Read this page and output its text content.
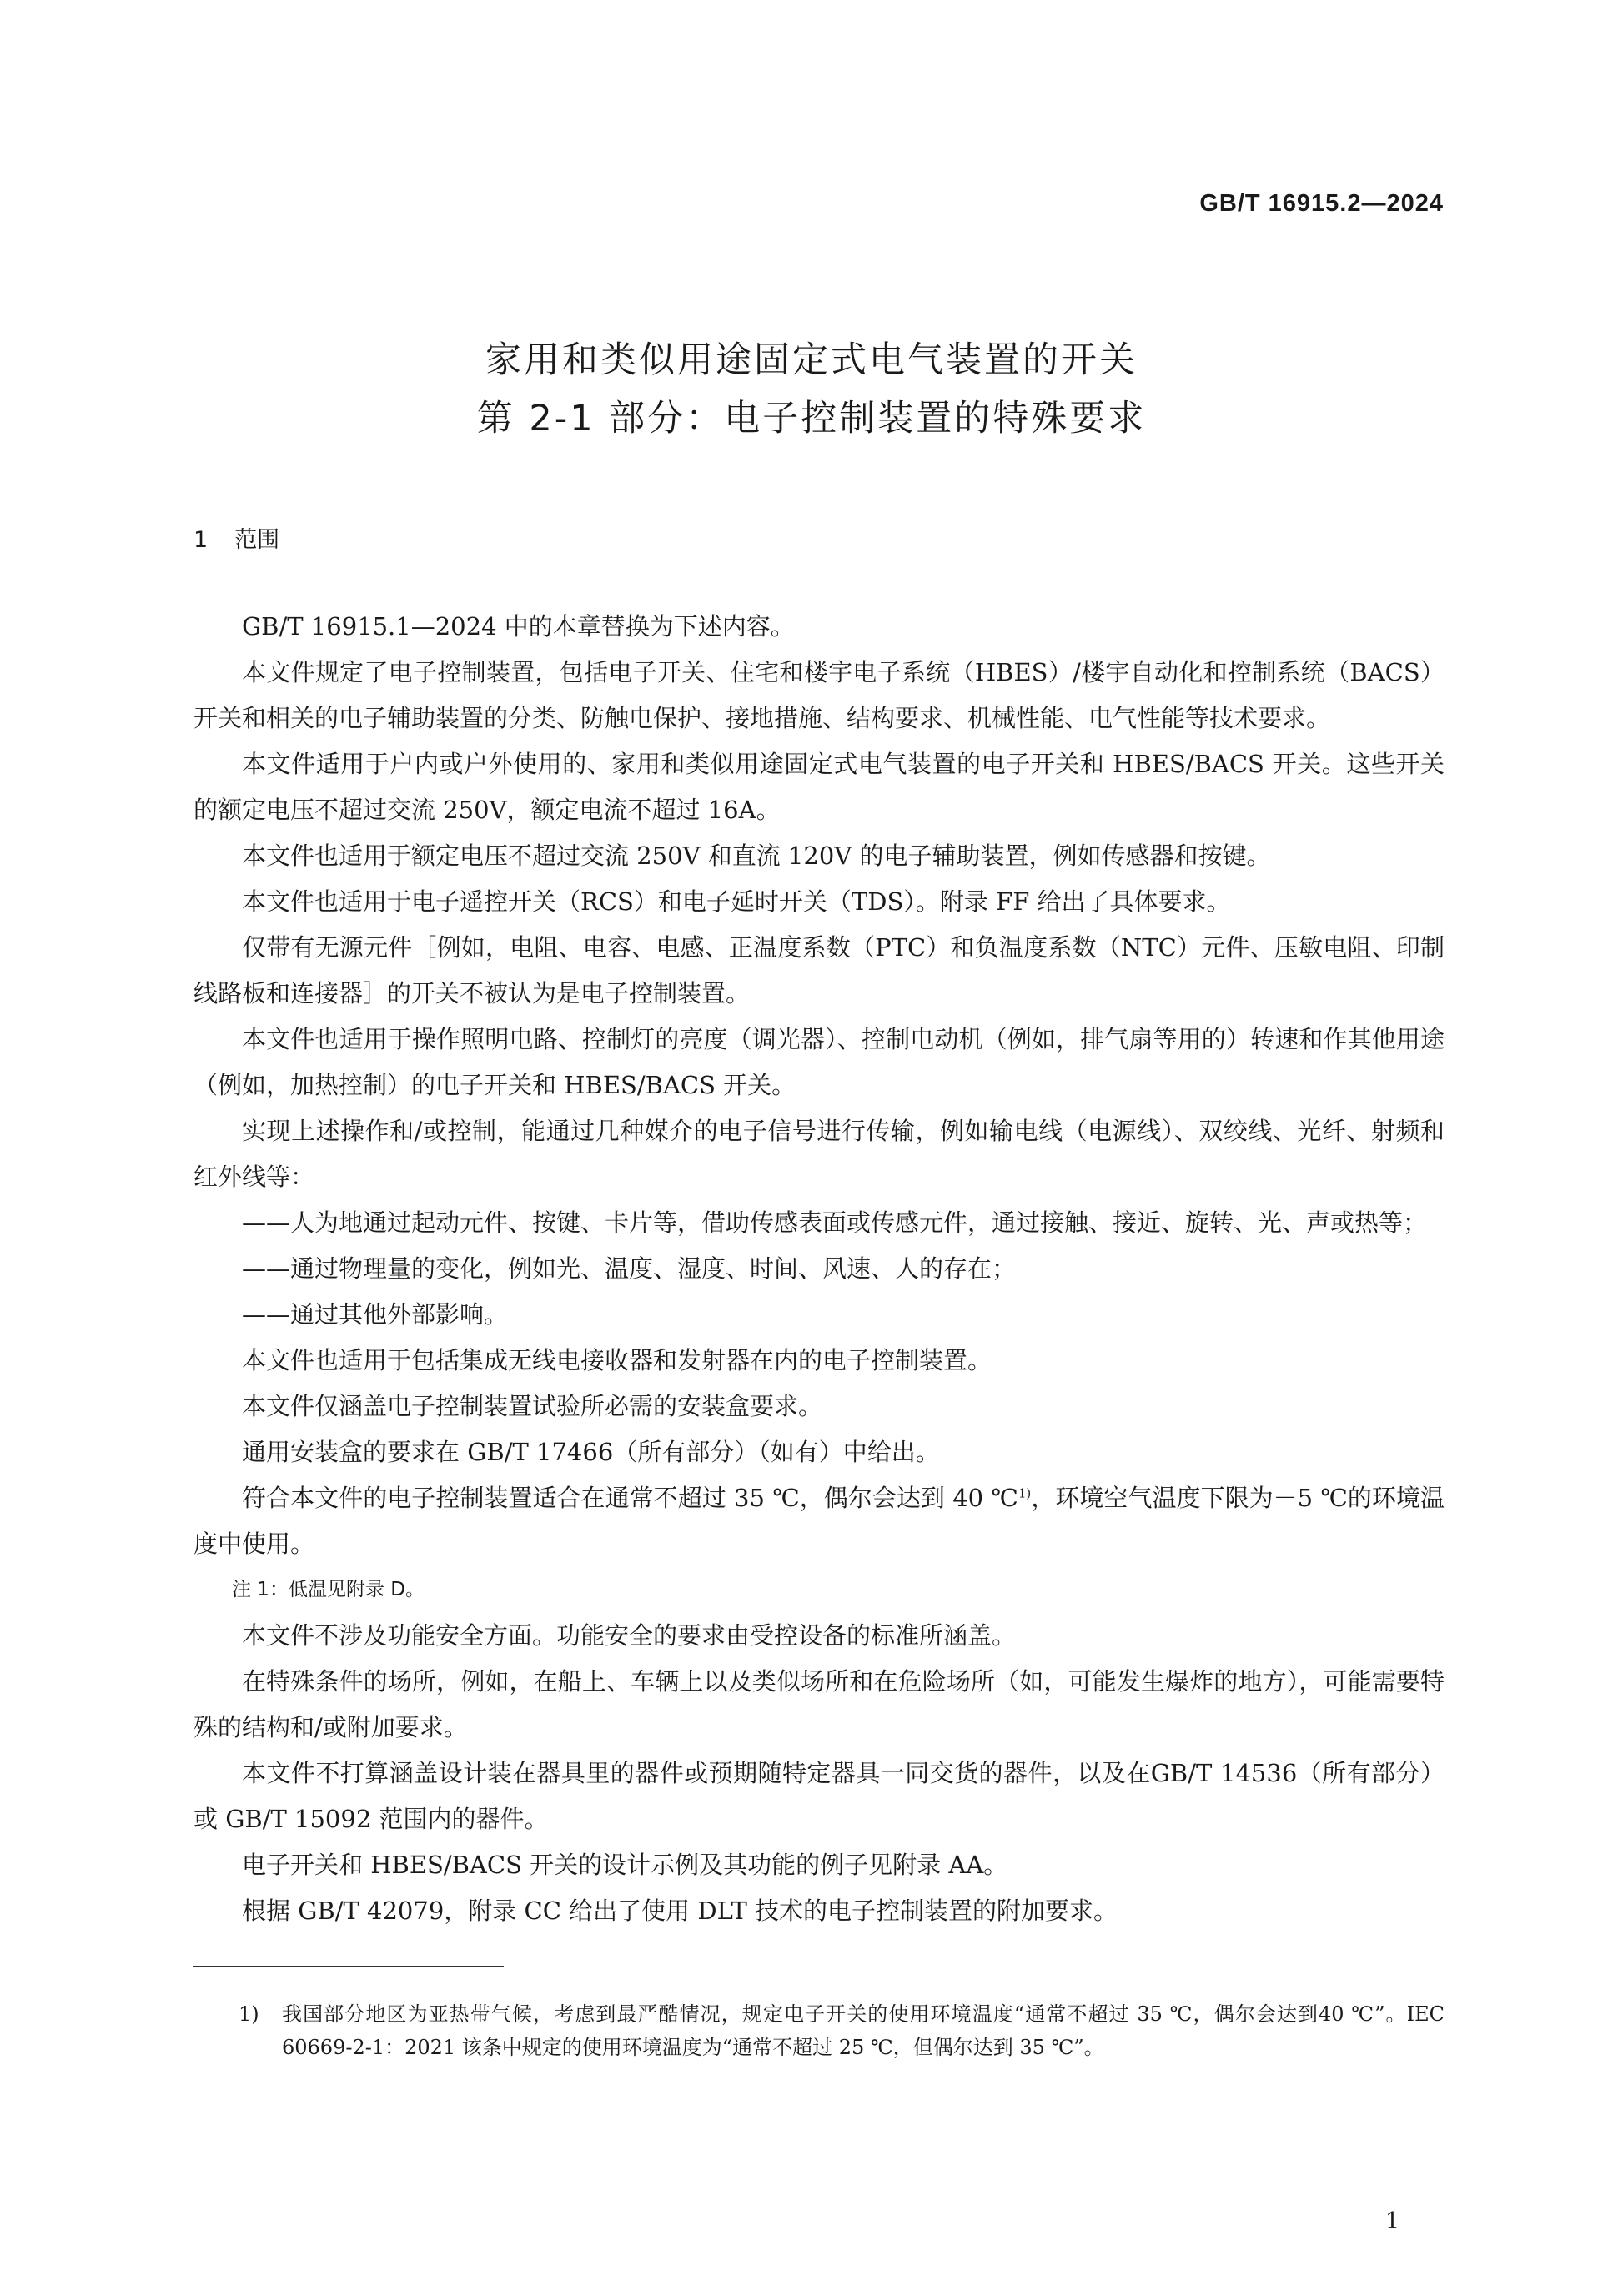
GB/T 16915.2—2024
家用和类似用途固定式电气装置的开关
第 2-1 部分：电子控制装置的特殊要求
1 范围

GB/T 16915.1—2024 中的本章替换为下述内容。

本文件规定了电子控制装置，包括电子开关、住宅和楼宇电子系统（HBES）/楼宇自动化和控制系统（BACS）开关和相关的电子辅助装置的分类、防触电保护、接地措施、结构要求、机械性能、电气性能等技术要求。

本文件适用于户内或户外使用的、家用和类似用途固定式电气装置的电子开关和 HBES/BACS 开关。这些开关的额定电压不超过交流 250V，额定电流不超过 16A。

本文件也适用于额定电压不超过交流 250V 和直流 120V 的电子辅助装置，例如传感器和按键。

本文件也适用于电子遥控开关（RCS）和电子延时开关（TDS）。附录 FF 给出了具体要求。

仅带有无源元件［例如，电阻、电容、电感、正温度系数（PTC）和负温度系数（NTC）元件、压敏电阻、印制线路板和连接器］的开关不被认为是电子控制装置。

本文件也适用于操作照明电路、控制灯的亮度（调光器）、控制电动机（例如，排气扇等用的）转速和作其他用途（例如，加热控制）的电子开关和 HBES/BACS 开关。

实现上述操作和/或控制，能通过几种媒介的电子信号进行传输，例如输电线（电源线）、双绞线、光纤、射频和红外线等：

——人为地通过起动元件、按键、卡片等，借助传感表面或传感元件，通过接触、接近、旋转、光、声或热等；

——通过物理量的变化，例如光、温度、湿度、时间、风速、人的存在；

——通过其他外部影响。

本文件也适用于包括集成无线电接收器和发射器在内的电子控制装置。

本文件仅涵盖电子控制装置试验所必需的安装盒要求。

通用安装盒的要求在 GB/T 17466（所有部分）（如有）中给出。

符合本文件的电子控制装置适合在通常不超过 35 ℃，偶尔会达到 40 ℃$^{1)}$，环境空气温度下限为－5 ℃的环境温度中使用。

注 1：低温见附录 D。

本文件不涉及功能安全方面。功能安全的要求由受控设备的标准所涵盖。

在特殊条件的场所，例如，在船上、车辆上以及类似场所和在危险场所（如，可能发生爆炸的地方），可能需要特殊的结构和/或附加要求。

本文件不打算涵盖设计装在器具里的器件或预期随特定器具一同交货的器件，以及在GB/T 14536（所有部分）或 GB/T 15092 范围内的器件。

电子开关和 HBES/BACS 开关的设计示例及其功能的例子见附录 AA。

根据 GB/T 42079，附录 CC 给出了使用 DLT 技术的电子控制装置的附加要求。

1)	我国部分地区为亚热带气候，考虑到最严酷情况，规定电子开关的使用环境温度“通常不超过 35 ℃，偶尔会达到40 ℃”。IEC 60669-2-1：2021 该条中规定的使用环境温度为“通常不超过 25 ℃，但偶尔达到 35 ℃”。
1
